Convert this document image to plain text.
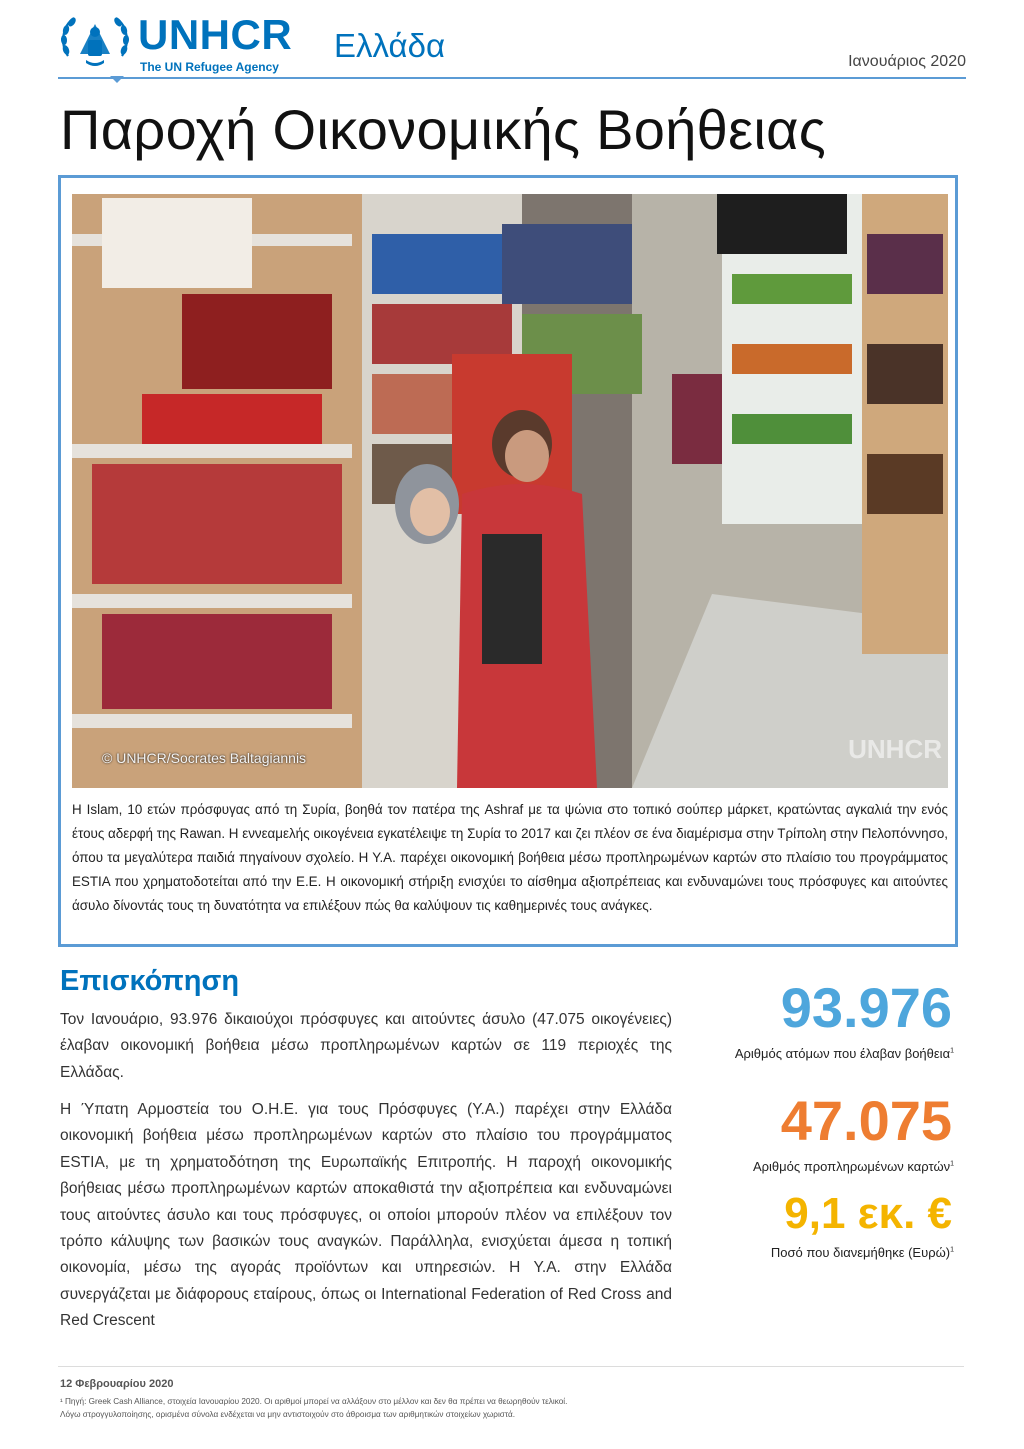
UNHCR
The UN Refugee Agency
Ελλάδα	Ιανουάριος 2020
Παροχή Οικονομικής Βοήθειας
© UNHCR/Socrates Baltagiannis	UNHCR
H Islam, 10 ετών πρόσφυγας από τη Συρία, βοηθά τον πατέρα της Ashraf με τα ψώνια στο τοπικό σούπερ μάρκετ, κρατώντας αγκαλιά την ενός έτους αδερφή της Rawan. Η εννεαμελής οικογένεια εγκατέλειψε τη Συρία το 2017 και ζει πλέον σε ένα διαμέρισμα στην Τρίπολη στην Πελοπόννησο, όπου τα μεγαλύτερα παιδιά πηγαίνουν σχολείο. Η Υ.Α. παρέχει οικονομική βοήθεια μέσω προπληρωμένων καρτών στο πλαίσιο του προγράμματος ESTIA που χρηματοδοτείται από την Ε.Ε. Η οικονομική στήριξη ενισχύει το αίσθημα αξιοπρέπειας και ενδυναμώνει τους πρόσφυγες και αιτούντες άσυλο δίνοντάς τους τη δυνατότητα να επιλέξουν πώς θα καλύψουν τις καθημερινές τους ανάγκες.
Επισκόπηση

Τον Ιανουάριο, 93.976 δικαιούχοι πρόσφυγες και αιτούντες άσυλο (47.075 οικογένειες) έλαβαν οικονομική βοήθεια μέσω προπληρωμένων καρτών σε 119 περιοχές της Ελλάδας.

Η Ύπατη Αρμοστεία του Ο.Η.Ε. για τους Πρόσφυγες (Υ.Α.) παρέχει στην Ελλάδα οικονομική βοήθεια μέσω προπληρωμένων καρτών στο πλαίσιο του προγράμματος ESTIA, με τη χρηματοδότηση της Ευρωπαϊκής Επιτροπής. Η παροχή οικονομικής βοήθειας μέσω προπληρωμένων καρτών αποκαθιστά την αξιοπρέπεια και ενδυναμώνει τους αιτούντες άσυλο και τους πρόσφυγες, οι οποίοι μπορούν πλέον να επιλέξουν τον τρόπο κάλυψης των βασικών τους αναγκών. Παράλληλα, ενισχύεται άμεσα η τοπική οικονομία, μέσω της αγοράς προϊόντων και υπηρεσιών. Η Υ.Α. στην Ελλάδα συνεργάζεται με διάφορους εταίρους, όπως οι International Federation of Red Cross and Red Crescent

93.976
Αριθμός ατόμων που έλαβαν βοήθεια$^1$
47.075
Αριθμός προπληρωμένων καρτών$^1$
9,1 εκ. €
Ποσό που διανεμήθηκε $(E\upsilon\rho ώ)^1$
12 Φεβρουαρίου 2020
¹ Πηγή: Greek Cash Alliance, στοιχεία Ιανουαρίου 2020. Οι αριθμοί μπορεί να αλλάξουν στο μέλλον και δεν θα πρέπει να θεωρηθούν τελικοί.
Λόγω στρογγυλοποίησης, ορισμένα σύνολα ενδέχεται να μην αντιστοιχούν στο άθροισμα των αριθμητικών στοιχείων χωριστά.
